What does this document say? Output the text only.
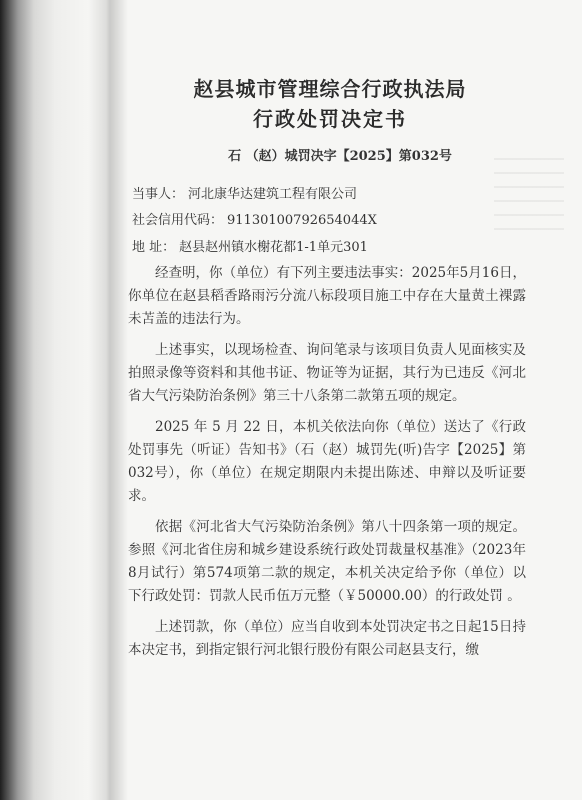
赵县城市管理综合行政执法局
行政处罚决定书
石 （赵）城罚决字【2025】第032号
当事人： 河北康华达建筑工程有限公司
社会信用代码： 91130100792654044X
地 址： 赵县赵州镇水榭花都1-1单元301

经查明，你（单位）有下列主要违法事实：2025年5月16日，你单位在赵县稻香路雨污分流八标段项目施工中存在大量黄土裸露未苫盖的违法行为。

上述事实，以现场检查、询问笔录与该项目负责人见面核实及拍照录像等资料和其他书证、物证等为证据，其行为已违反《河北省大气污染防治条例》第三十八条第二款第五项的规定。

2025 年 5 月 22 日，本机关依法向你（单位）送达了《行政处罚事先（听证）告知书》（石（赵）城罚先(听)告字【2025】第032号），你（单位）在规定期限内未提出陈述、申辩以及听证要求。

依据《河北省大气污染防治条例》第八十四条第一项的规定。参照《河北省住房和城乡建设系统行政处罚裁量权基准》（2023年8月试行）第574项第二款的规定，本机关决定给予你（单位）以下行政处罚：罚款人民币伍万元整（￥50000.00）的行政处罚 。

上述罚款，你（单位）应当自收到本处罚决定书之日起15日持本决定书，到指定银行河北银行股份有限公司赵县支行，缴
